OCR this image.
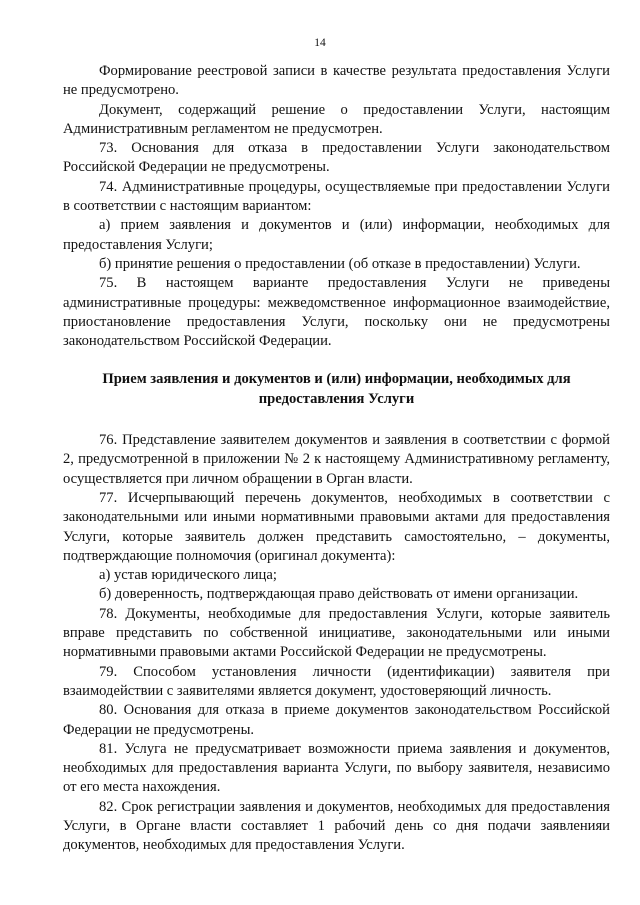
14

Формирование реестровой записи в качестве результата предоставления Услуги не предусмотрено.

Документ, содержащий решение о предоставлении Услуги, настоящим Административным регламентом не предусмотрен.

73. Основания для отказа в предоставлении Услуги законодательством Российской Федерации не предусмотрены.

74. Административные процедуры, осуществляемые при предоставлении Услуги в соответствии с настоящим вариантом:

а) прием заявления и документов и (или) информации, необходимых для предоставления Услуги;

б) принятие решения о предоставлении (об отказе в предоставлении) Услуги.

75. В настоящем варианте предоставления Услуги не приведены административные процедуры: межведомственное информационное взаимодействие, приостановление предоставления Услуги, поскольку они не предусмотрены законодательством Российской Федерации.

Прием заявления и документов и (или) информации, необходимых для предоставления Услуги

76. Представление заявителем документов и заявления в соответствии с формой 2, предусмотренной в приложении № 2 к настоящему Административному регламенту, осуществляется при личном обращении в Орган власти.

77. Исчерпывающий перечень документов, необходимых в соответствии с законодательными или иными нормативными правовыми актами для предоставления Услуги, которые заявитель должен представить самостоятельно, – документы, подтверждающие полномочия (оригинал документа):

а) устав юридического лица;

б) доверенность, подтверждающая право действовать от имени организации.

78. Документы, необходимые для предоставления Услуги, которые заявитель вправе представить по собственной инициативе, законодательными или иными нормативными правовыми актами Российской Федерации не предусмотрены.

79. Способом установления личности (идентификации) заявителя при взаимодействии с заявителями является документ, удостоверяющий личность.

80. Основания для отказа в приеме документов законодательством Российской Федерации не предусмотрены.

81. Услуга не предусматривает возможности приема заявления и документов, необходимых для предоставления варианта Услуги, по выбору заявителя, независимо от его места нахождения.

82. Срок регистрации заявления и документов, необходимых для предоставления Услуги, в Органе власти составляет 1 рабочий день со дня подачи заявленияи документов, необходимых для предоставления Услуги.
